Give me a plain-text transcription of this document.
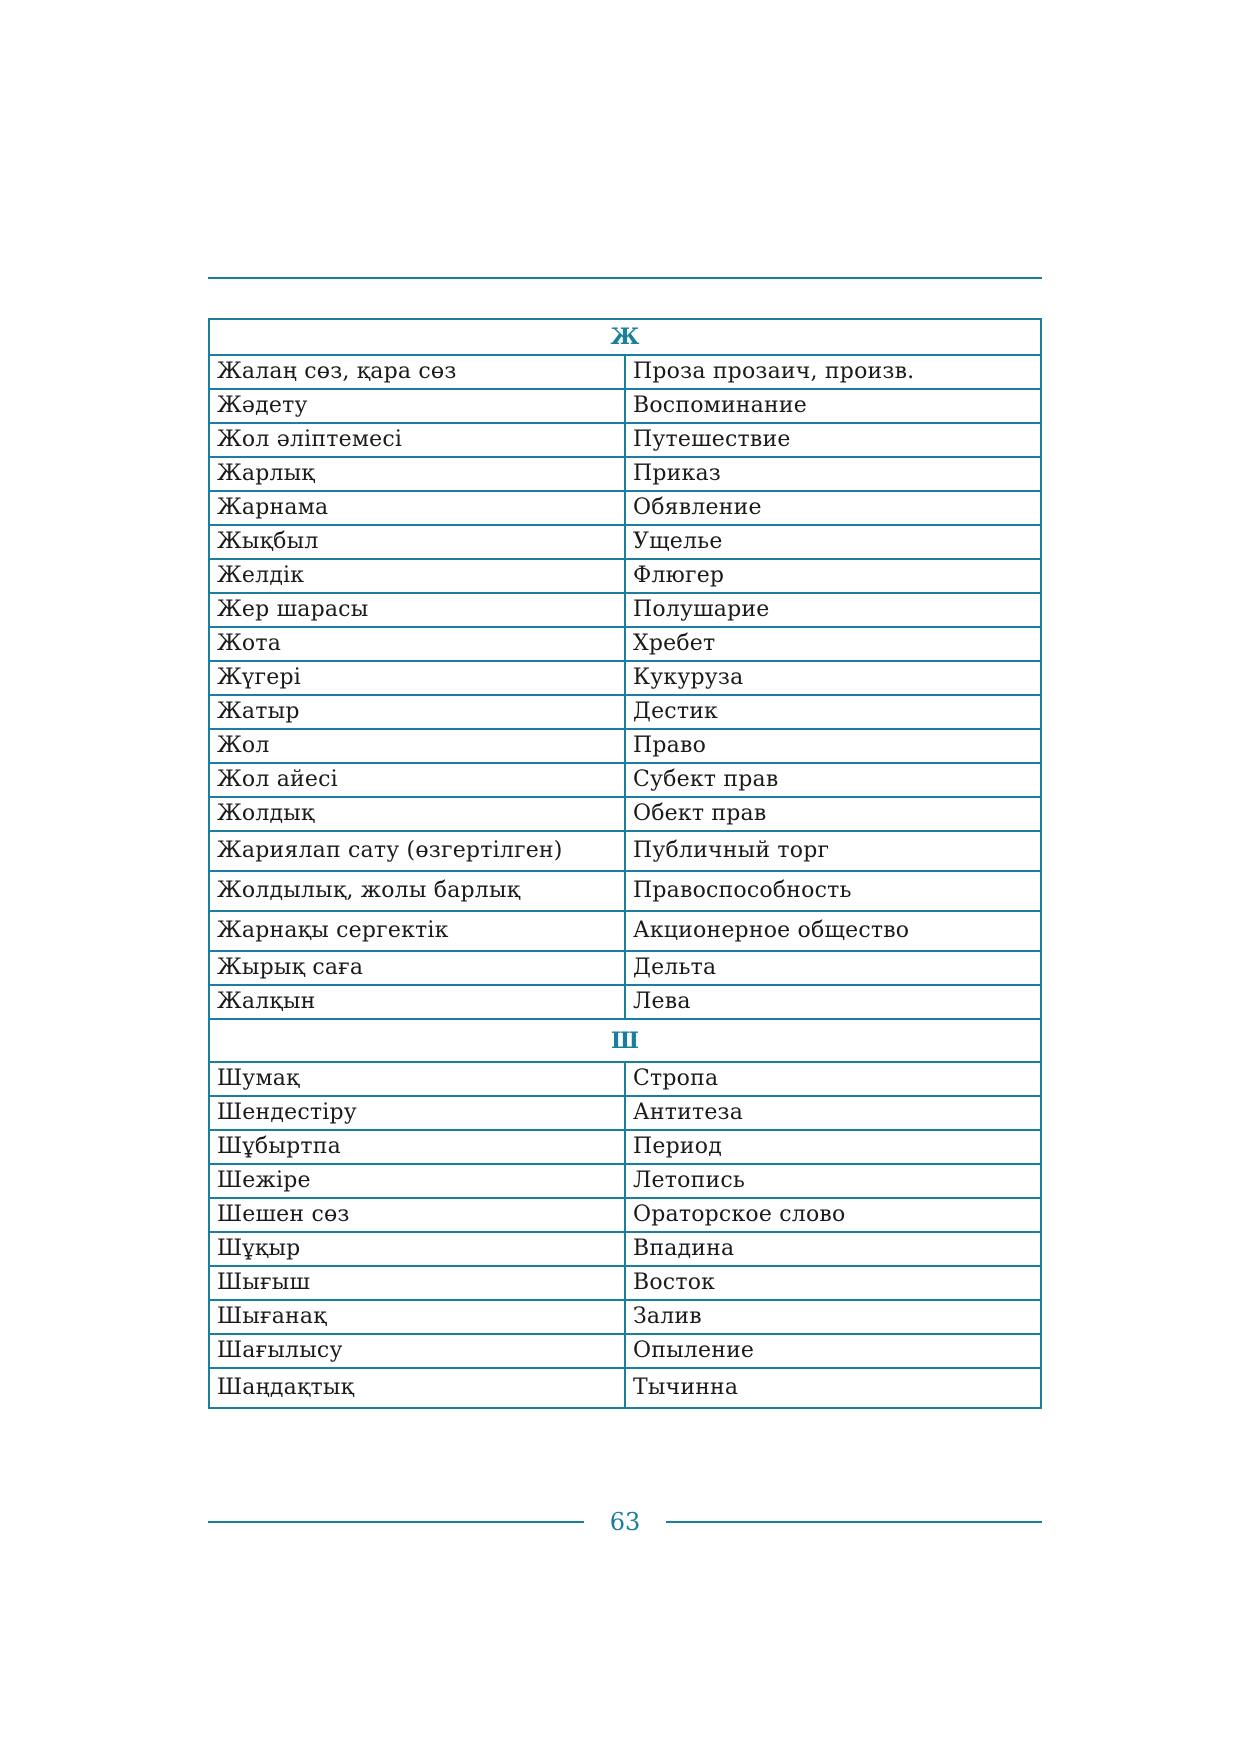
Ж	
Жалаң сөз, қара сөз	Проза прозаич, произв.
Жәдету	Воспоминание
Жол әліптемесі	Путешествие
Жарлық	Приказ
Жарнама	Обявление
Жықбыл	Ущелье
Желдік	Флюгер
Жер шарасы	Полушарие
Жота	Хребет
Жүгері	Кукуруза
Жатыр	Дестик
Жол	Право
Жол айесі	Субект прав
Жолдық	Обект прав
Жариялап сату (өзгертілген)	Публичный торг
Жолдылық, жолы барлық	Правоспособность
Жарнақы сергектік	Акционерное общество
Жырық сағa	Дельта
Жалқын	Лева
Ш	
Шумақ	Стропа
Шендестіру	Антитеза
Шұбыртпа	Период
Шежіре	Летопись
Шешен сөз	Ораторское слово
Шұқыр	Впадина
Шығыш	Восток
Шығанақ	Залив
Шағылысу	Опыление
Шаңдақтық	Тычинна
63
